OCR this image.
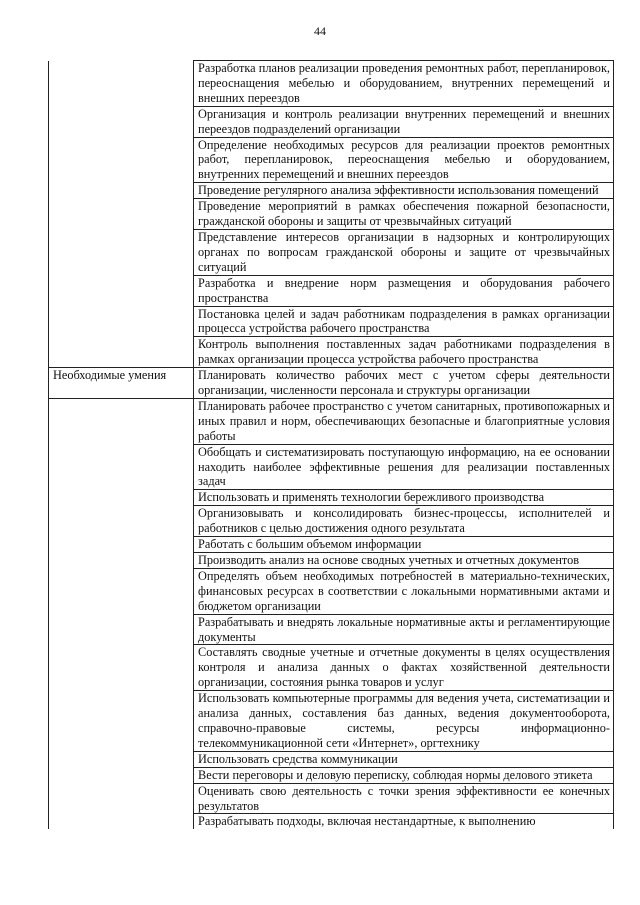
44
	Разработка планов реализации проведения ремонтных работ, перепланировок, переоснащения мебелью и оборудованием, внутренних перемещений и внешних переездов
	Организация и контроль реализации внутренних перемещений и внешних переездов подразделений организации
	Определение необходимых ресурсов для реализации проектов ремонтных работ, перепланировок, переоснащения мебелью и оборудованием, внутренних перемещений и внешних переездов
	Проведение регулярного анализа эффективности использования помещений
	Проведение мероприятий в рамках обеспечения пожарной безопасности, гражданской обороны и защиты от чрезвычайных ситуаций
	Представление интересов организации в надзорных и контролирующих органах по вопросам гражданской обороны и защите от чрезвычайных ситуаций
	Разработка и внедрение норм размещения и оборудования рабочего пространства
	Постановка целей и задач работникам подразделения в рамках организации процесса устройства рабочего пространства
	Контроль выполнения поставленных задач работниками подразделения в рамках организации процесса устройства рабочего пространства
Необходимые умения	Планировать количество рабочих мест с учетом сферы деятельности организации, численности персонала и структуры организации
	Планировать рабочее пространство с учетом санитарных, противопожарных и иных правил и норм, обеспечивающих безопасные и благоприятные условия работы
	Обобщать и систематизировать поступающую информацию, на ее основании находить наиболее эффективные решения для реализации поставленных задач
	Использовать и применять технологии бережливого производства
	Организовывать и консолидировать бизнес-процессы, исполнителей и работников с целью достижения одного результата
	Работать с большим объемом информации
	Производить анализ на основе сводных учетных и отчетных документов
	Определять объем необходимых потребностей в материально-технических, финансовых ресурсах в соответствии с локальными нормативными актами и бюджетом организации
	Разрабатывать и внедрять локальные нормативные акты и регламентирующие документы
	Составлять сводные учетные и отчетные документы в целях осуществления контроля и анализа данных о фактах хозяйственной деятельности организации, состояния рынка товаров и услуг
	Использовать компьютерные программы для ведения учета, систематизации и анализа данных, составления баз данных, ведения документооборота, справочно-правовые системы, ресурсы информационно-телекоммуникационной сети «Интернет», оргтехнику
	Использовать средства коммуникации
	Вести переговоры и деловую переписку, соблюдая нормы делового этикета
	Оценивать свою деятельность с точки зрения эффективности ее конечных результатов
	Разрабатывать подходы, включая нестандартные, к выполнению
